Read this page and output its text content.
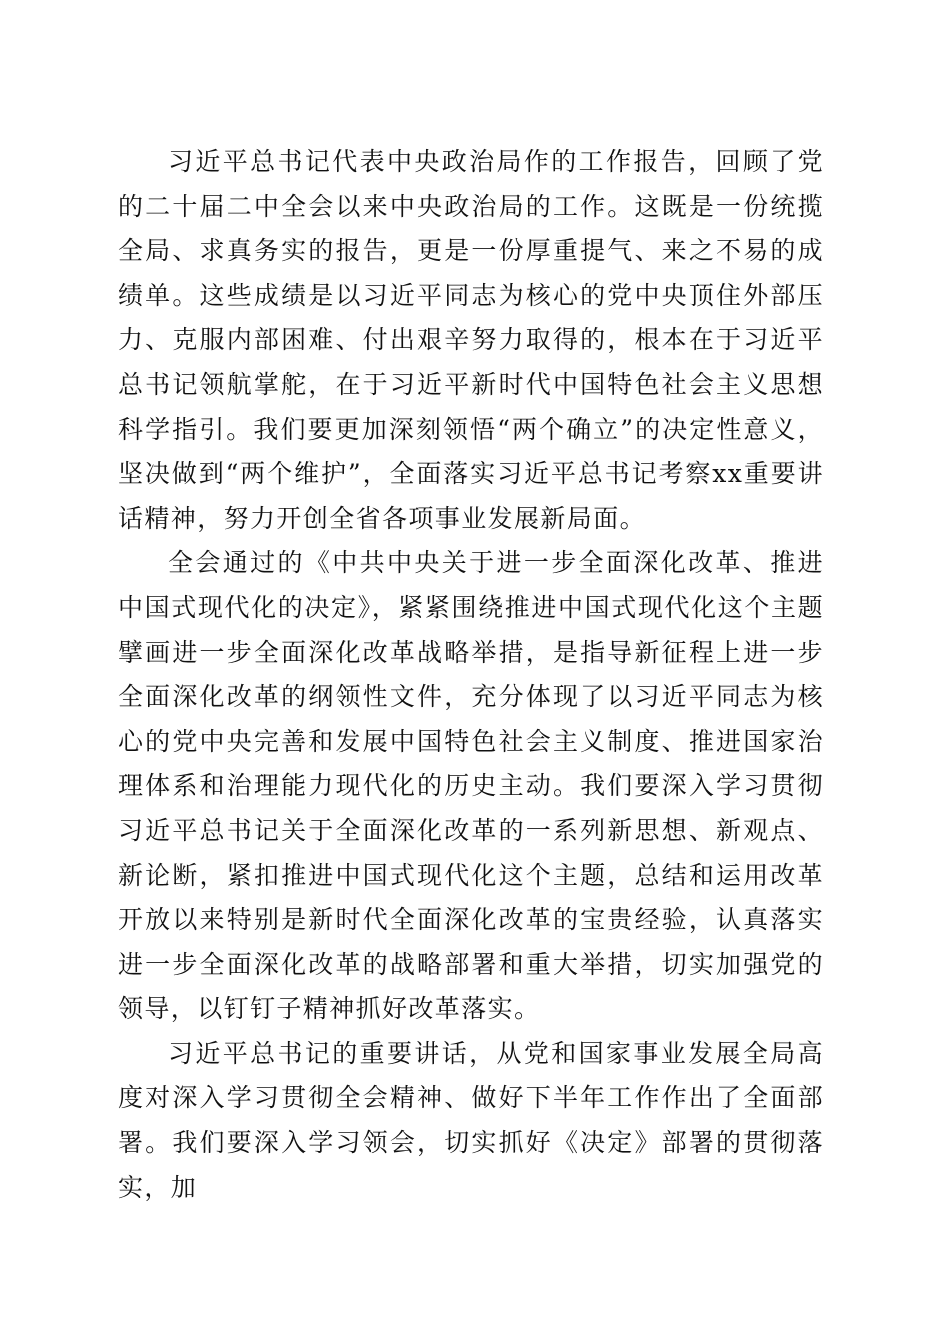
习近平总书记代表中央政治局作的工作报告，回顾了党的二十届二中全会以来中央政治局的工作。这既是一份统揽全局、求真务实的报告，更是一份厚重提气、来之不易的成绩单。这些成绩是以习近平同志为核心的党中央顶住外部压力、克服内部困难、付出艰辛努力取得的，根本在于习近平总书记领航掌舵，在于习近平新时代中国特色社会主义思想科学指引。我们要更加深刻领悟“两个确立”的决定性意义，坚决做到“两个维护”，全面落实习近平总书记考察xx重要讲话精神，努力开创全省各项事业发展新局面。

全会通过的《中共中央关于进一步全面深化改革、推进中国式现代化的决定》，紧紧围绕推进中国式现代化这个主题擘画进一步全面深化改革战略举措，是指导新征程上进一步全面深化改革的纲领性文件，充分体现了以习近平同志为核心的党中央完善和发展中国特色社会主义制度、推进国家治理体系和治理能力现代化的历史主动。我们要深入学习贯彻习近平总书记关于全面深化改革的一系列新思想、新观点、新论断，紧扣推进中国式现代化这个主题，总结和运用改革开放以来特别是新时代全面深化改革的宝贵经验，认真落实进一步全面深化改革的战略部署和重大举措，切实加强党的领导，以钉钉子精神抓好改革落实。

习近平总书记的重要讲话，从党和国家事业发展全局高度对深入学习贯彻全会精神、做好下半年工作作出了全面部署。我们要深入学习领会，切实抓好《决定》部署的贯彻落实，加
